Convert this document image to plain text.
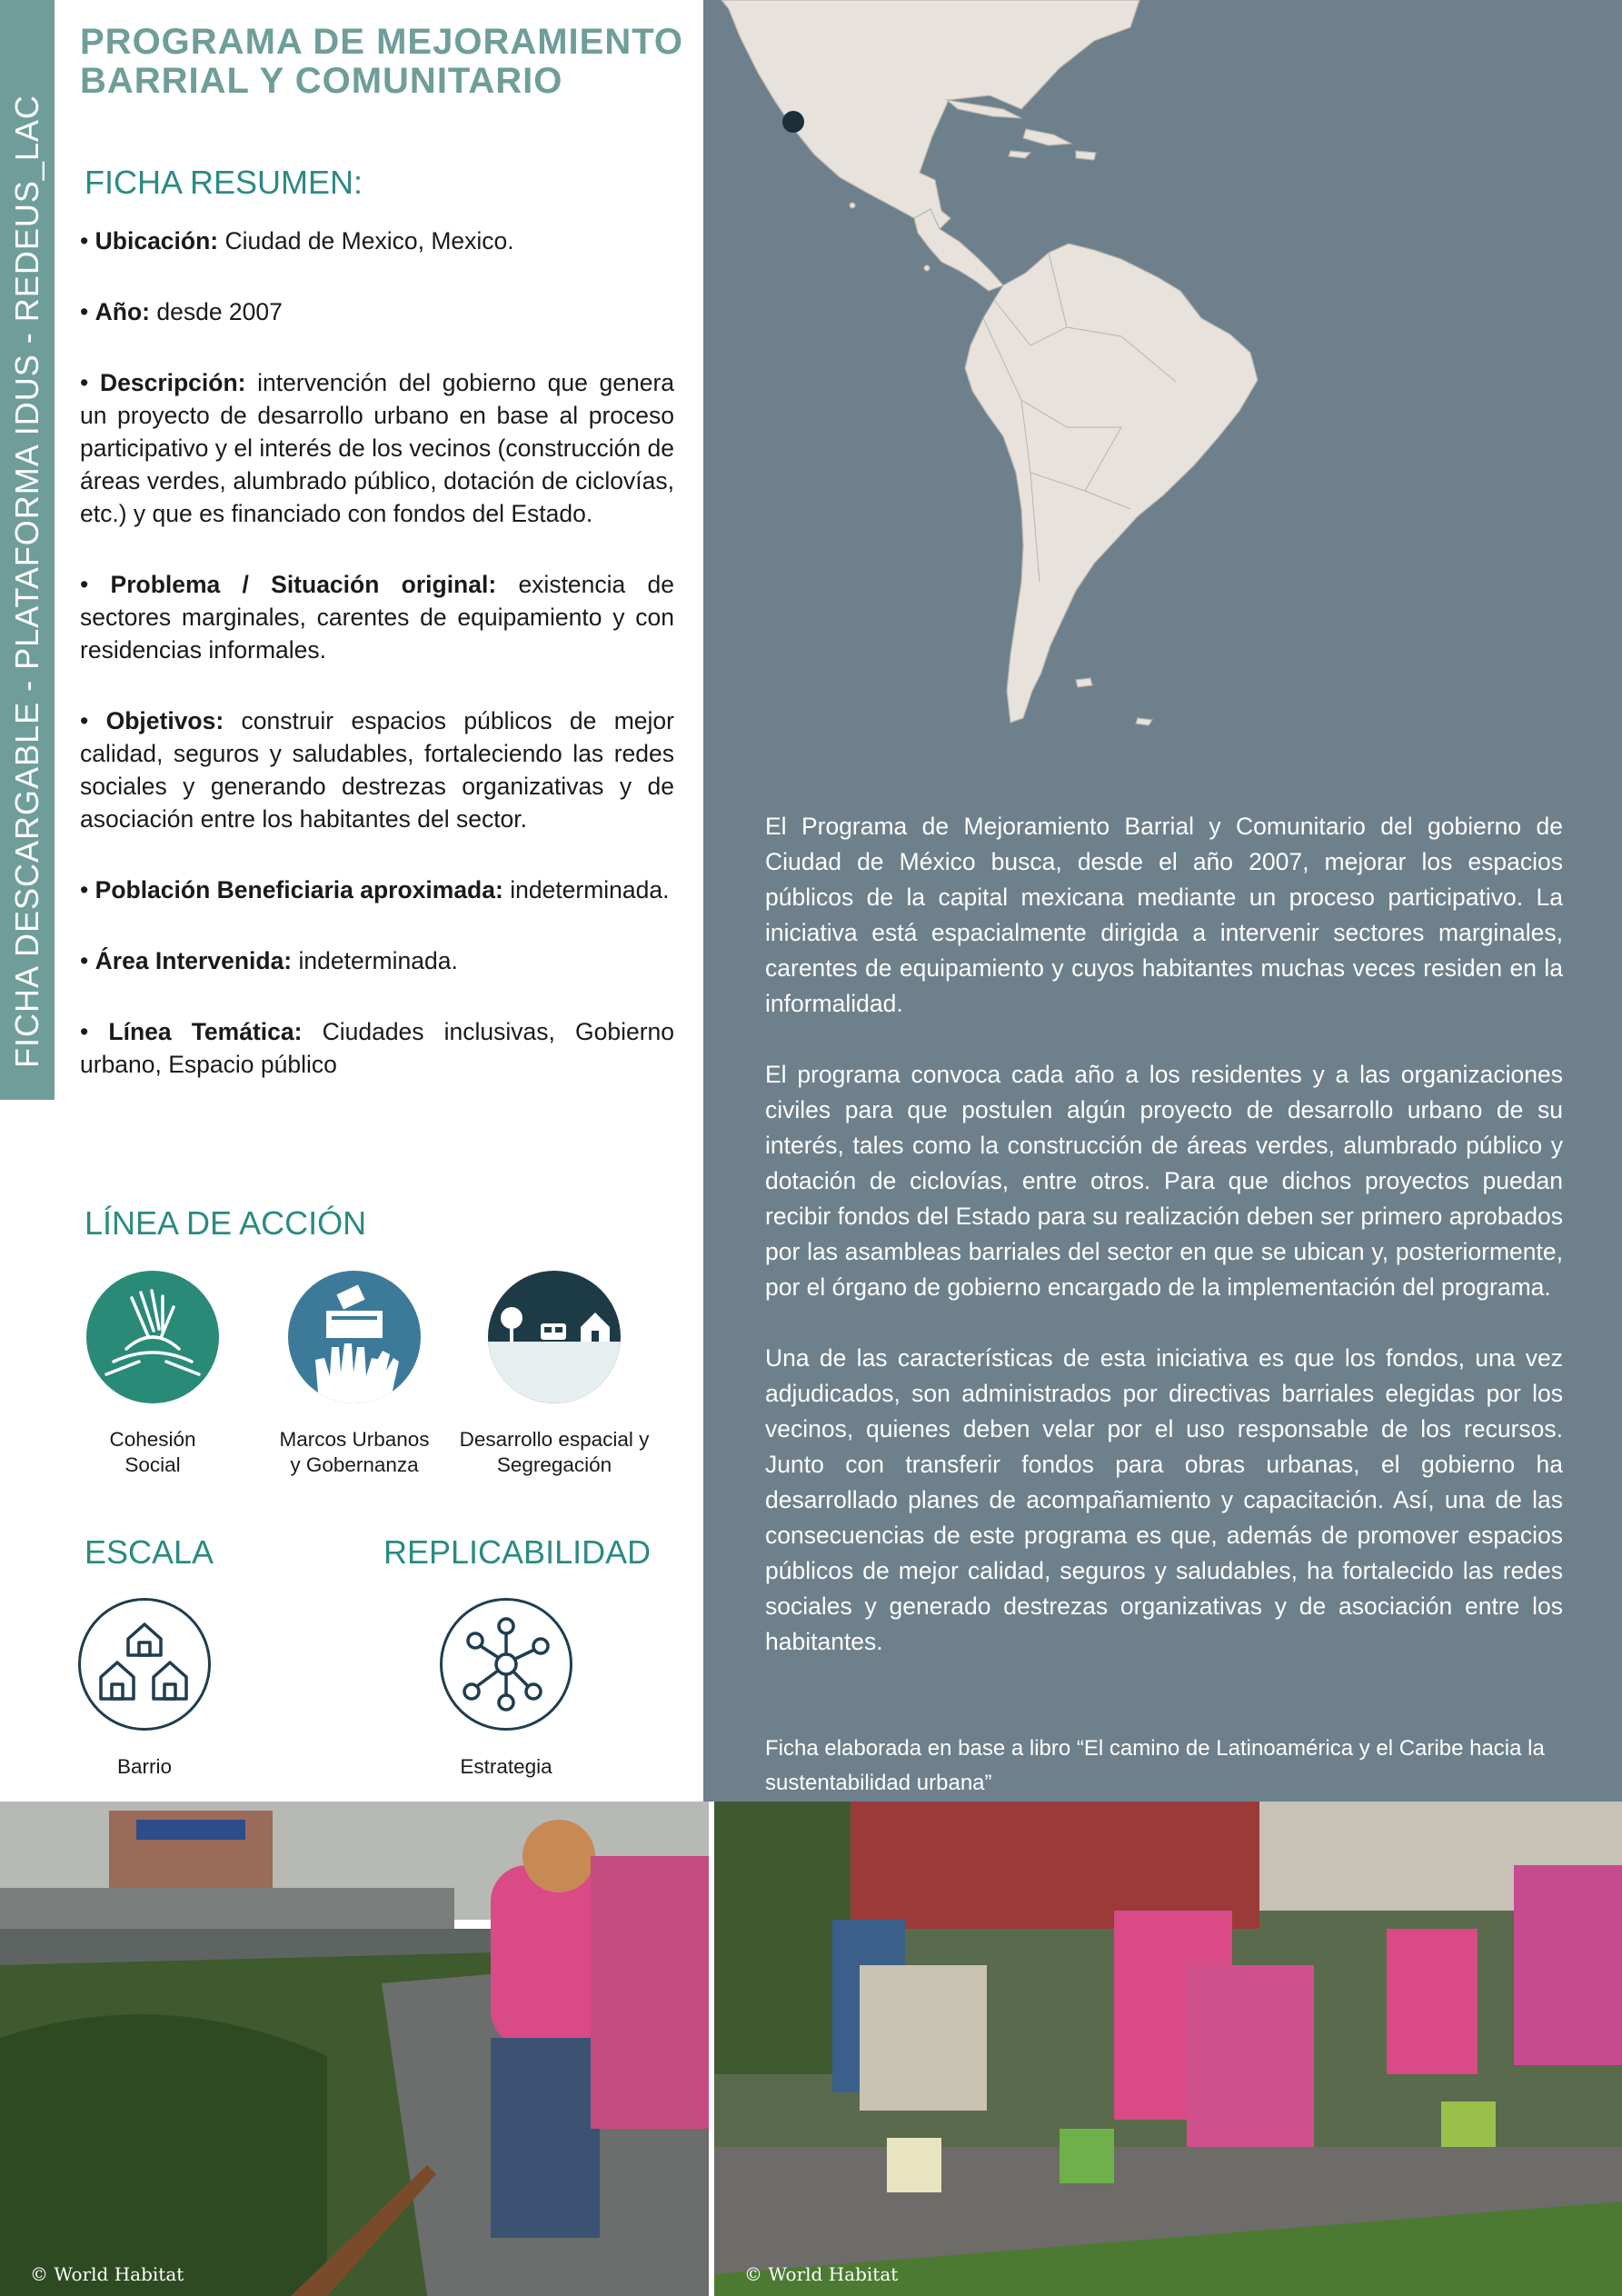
FICHA DESCARGABLE - PLATAFORMA IDUS - REDEUS_LAC
PROGRAMA DE MEJORAMIENTO
BARRIAL Y COMUNITARIO
FICHA RESUMEN:
• Ubicación: Ciudad de Mexico, Mexico.
• Año: desde 2007
• Descripción: intervención del gobierno que genera un proyecto de desarrollo urbano en base al proceso participativo y el interés de los vecinos (construcción de áreas verdes, alumbrado público, dotación de ciclovías, etc.) y que es financiado con fondos del Estado.
• Problema / Situación original: existencia de sectores marginales, carentes de equipamiento y con residencias informales.
• Objetivos: construir espacios públicos de mejor calidad, seguros y saludables, fortaleciendo las redes sociales y generando destrezas organizativas y de asociación entre los habitantes del sector.
• Población Beneficiaria aproximada: indeterminada.
• Área Intervenida: indeterminada.
• Línea Temática: Ciudades inclusivas, Gobierno urbano, Espacio público
LÍNEA DE ACCIÓN
Cohesión
Social
Marcos Urbanos
y Gobernanza
Desarrollo espacial y
Segregación
ESCALA	REPLICABILIDAD
Barrio	Estrategia

El Programa de Mejoramiento Barrial y Comunitario del gobierno de Ciudad de México busca, desde el año 2007, mejorar los espacios públicos de la capital mexicana mediante un proceso participativo. La iniciativa está espacialmente dirigida a intervenir sectores marginales, carentes de equipamiento y cuyos habitantes muchas veces residen en la informalidad.

El programa convoca cada año a los residentes y a las organizaciones civiles para que postulen algún proyecto de desarrollo urbano de su interés, tales como la construcción de áreas verdes, alumbrado público y dotación de ciclovías, entre otros. Para que dichos proyectos puedan recibir fondos del Estado para su realización deben ser primero aprobados por las asambleas barriales del sector en que se ubican y, posteriormente, por el órgano de gobierno encargado de la implementación del programa.

Una de las características de esta iniciativa es que los fondos, una vez adjudicados, son administrados por directivas barriales elegidas por los vecinos, quienes deben velar por el uso responsable de los recursos. Junto con transferir fondos para obras urbanas, el gobierno ha desarrollado planes de acompañamiento y capacitación. Así, una de las consecuencias de este programa es que, además de promover espacios públicos de mejor calidad, seguros y saludables, ha fortalecido las redes sociales y generado destrezas organizativas y de asociación entre los habitantes.

Ficha elaborada en base a libro “El camino de Latinoamérica y el Caribe hacia la sustentabilidad urbana”
© World Habitat	© World Habitat
